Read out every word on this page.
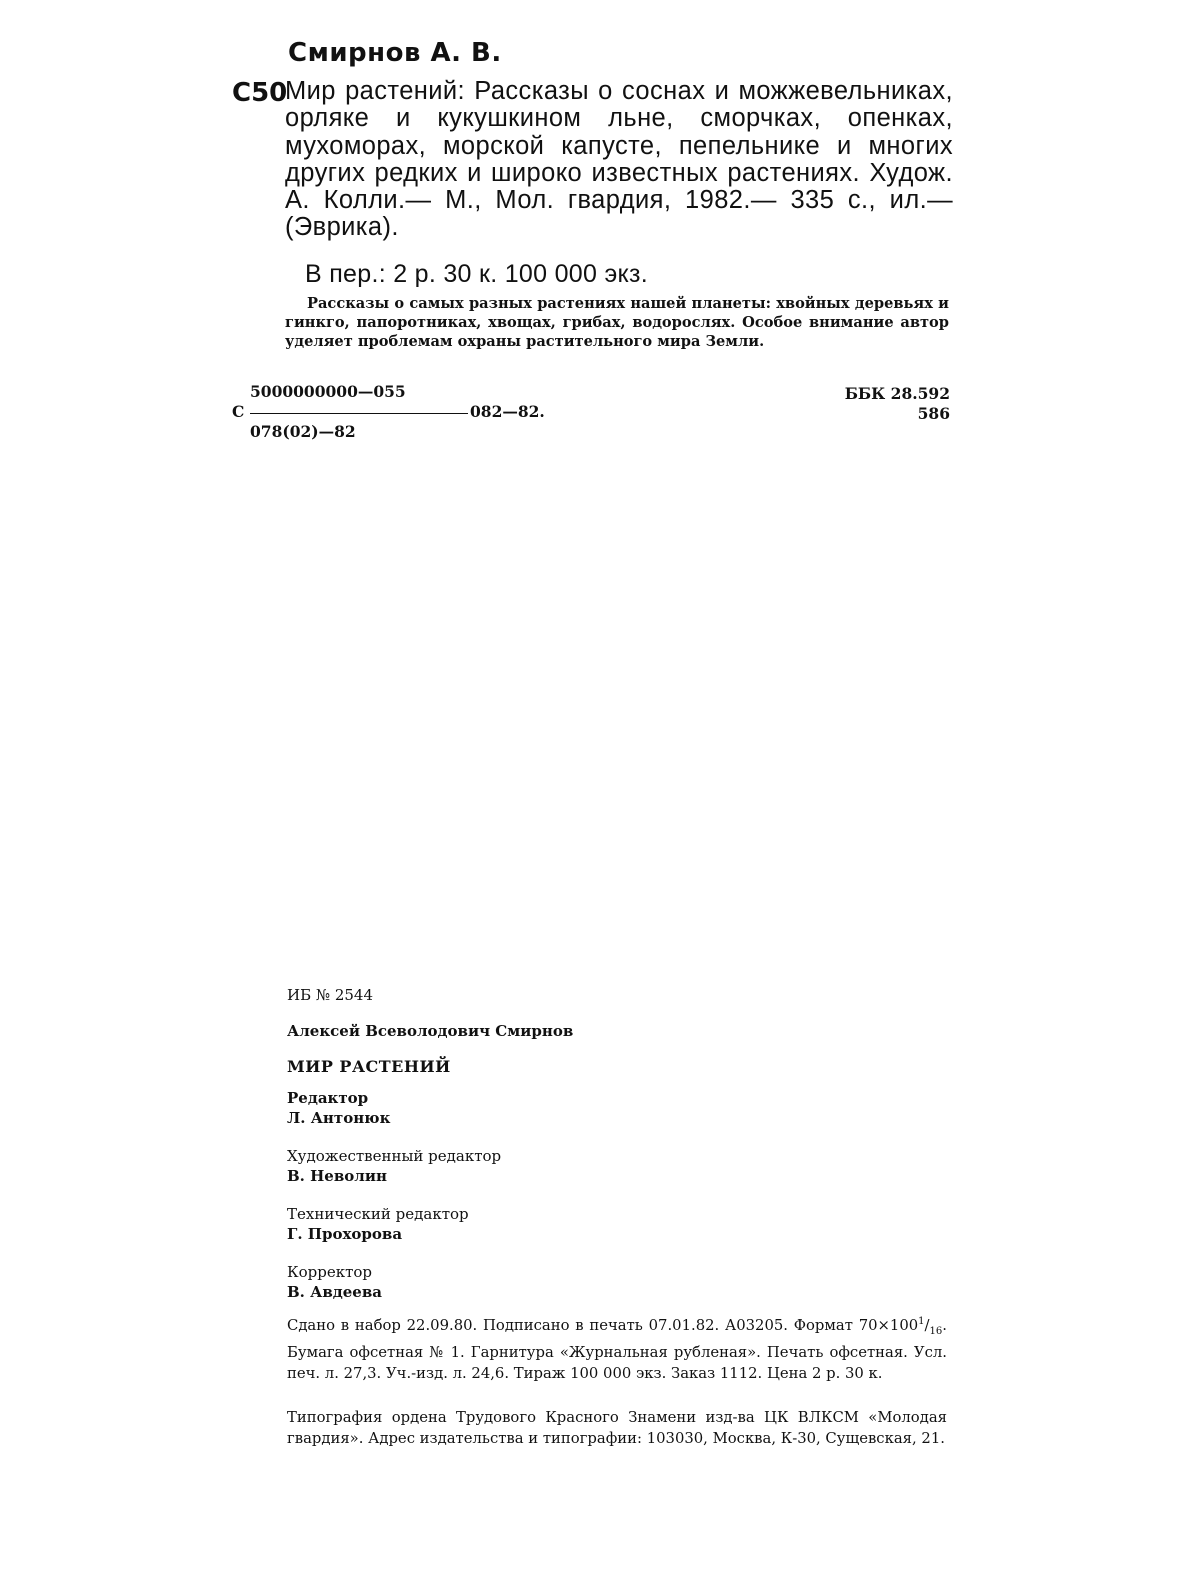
Смирнов А. В.
С50
Мир растений: Рассказы о соснах и можжевельниках, орляке и кукушкином льне, сморчках, опенках, мухоморах, морской капусте, пепельнике и многих других редких и широко известных растениях. Худож. А. Колли.— М., Мол. гвардия, 1982.— 335 с., ил.— (Эврика).
В пер.: 2 р. 30 к. 100 000 экз.
Рассказы о самых разных растениях нашей планеты: хвойных деревьях и гинкго, папоротниках, хвощах, грибах, водорослях. Особое внимание автор уделяет проблемам охраны растительного мира Земли.
5000000000—055
С	082—82.
078(02)—82
ББК 28.592
586
ИБ № 2544
Алексей Всеволодович Смирнов
МИР РАСТЕНИЙ
Редактор
Л. Антонюк
Художественный редактор
В. Неволин
Технический редактор
Г. Прохорова
Корректор
В. Авдеева
Сдано в набор 22.09.80. Подписано в печать 07.01.82. А03205. Формат $70\times 100^1/_{16}$. Бумага офсетная № 1. Гарнитура «Журнальная рубленая». Печать офсетная. Усл. печ. л. 27,3. Уч.-изд. л. 24,6. Тираж 100 000 экз. Заказ 1112. Цена 2 р. 30 к.
Типография ордена Трудового Красного Знамени изд-ва ЦК ВЛКСМ «Молодая гвардия». Адрес издательства и типографии: 103030, Москва, К-30, Сущевская, 21.
